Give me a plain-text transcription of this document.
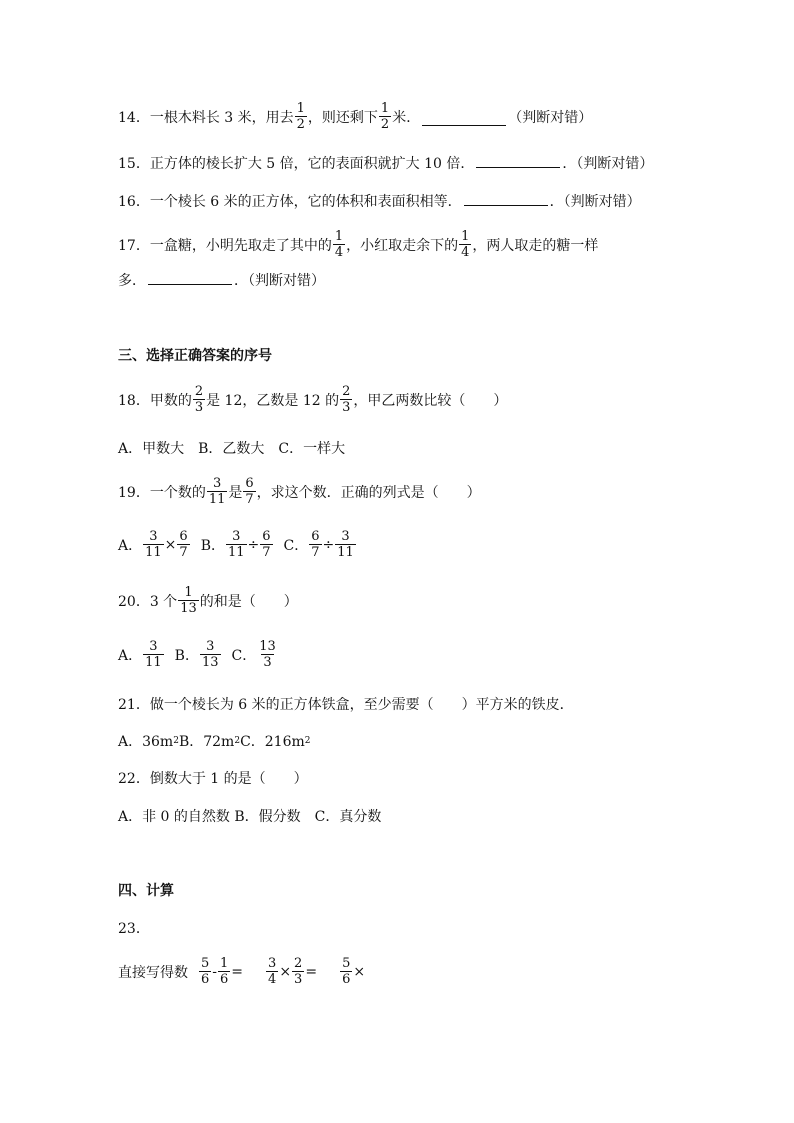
14． 一根木料长 3 米，用去 $\frac{1}{2}$ ，则还剩下 $\frac{1}{2}$ 米．	（判断对错）
15． 正方体的棱长扩大 5 倍，它的表面积就扩大 10 倍．	．（判断对错）
16． 一个棱长 6 米的正方体，它的体积和表面积相等．	．（判断对错）
17． 一盒糖，小明先取走了其中的 $\frac{1}{4}$ ，小红取走余下的 $\frac{1}{4}$ ，两人取走的糖一样
多．	．（判断对错）
三、选择正确答案的序号
18． 甲数的 $\frac{2}{3}$ 是 12，乙数是 12 的 $\frac{2}{3}$ ，甲乙两数比较（ ）
A．甲数大　B．乙数大　C．一样大
19． 一个数的 $\frac{3}{11}$ 是 $\frac{6}{7}$ ，求这个数．正确的列式是（ ）
A． $\frac{3}{11} \times \frac{6}{7}$ B． $\frac{3}{11} \div \frac{6}{7}$ C． $\frac{6}{7} \div \frac{3}{11}$
20． 3 个 $\frac{1}{13}$ 的和是（ ）
A． $\frac{3}{11}$ B． $\frac{3}{13}$ C． $\frac{13}{3}$
21． 做一个棱长为 6 米的正方体铁盒，至少需要（ ）平方米的铁皮．
A．36m 2 B．72m 2 C．216m 2
22． 倒数大于 1 的是（ ）
A．非 0 的自然数 B．假分数　C．真分数
四、计算
23．
直接写得数 $\frac{5}{6} - \frac{1}{6} = \frac{3}{4} \times \frac{2}{3} = \frac{5}{6}$ ×
